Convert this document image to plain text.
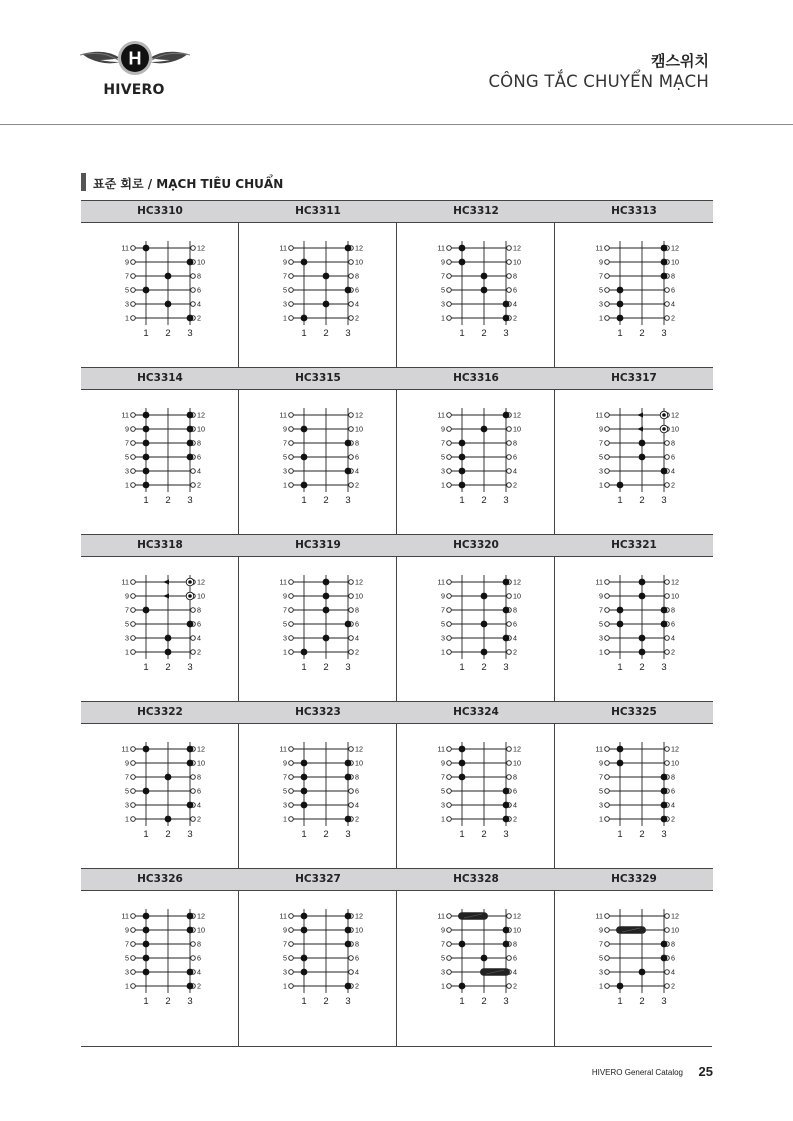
H
HIVERO
캠스위치
CÔNG TẮC CHUYỂN MẠCH
표준 회로 / MẠCH TIÊU CHUẨN
HC3310
11	12
9	10
7	8
5	6
3	4
1	2
1 2 3
HC3311
11	12
9	10
7	8
5	6
3	4
1	2
1 2 3
HC3312
11	12
9	10
7	8
5	6
3	4
1	2
1 2 3
HC3313
11	12
9	10
7	8
5	6
3	4
1	2
1 2 3
HC3314
11	12
9	10
7	8
5	6
3	4
1	2
1 2 3
HC3315
11	12
9	10
7	8
5	6
3	4
1	2
1 2 3
HC3316
11	12
9	10
7	8
5	6
3	4
1	2
1 2 3
HC3317
11	12
9	10
7	8
5	6
3	4
1	2
1 2 3
HC3318
11	12
9	10
7	8
5	6
3	4
1	2
1 2 3
HC3319
11	12
9	10
7	8
5	6
3	4
1	2
1 2 3
HC3320
11	12
9	10
7	8
5	6
3	4
1	2
1 2 3
HC3321
11	12
9	10
7	8
5	6
3	4
1	2
1 2 3
HC3322
11	12
9	10
7	8
5	6
3	4
1	2
1 2 3
HC3323
11	12
9	10
7	8
5	6
3	4
1	2
1 2 3
HC3324
11	12
9	10
7	8
5	6
3	4
1	2
1 2 3
HC3325
11	12
9	10
7	8
5	6
3	4
1	2
1 2 3
HC3326
11	12
9	10
7	8
5	6
3	4
1	2
1 2 3
HC3327
11	12
9	10
7	8
5	6
3	4
1	2
1 2 3
HC3328
11	12
9	10
7	8
5	6
3	4
1	2
1 2 3
HC3329
11	12
9	10
7	8
5	6
3	4
1	2
1 2 3
HIVERO General Catalog 25
